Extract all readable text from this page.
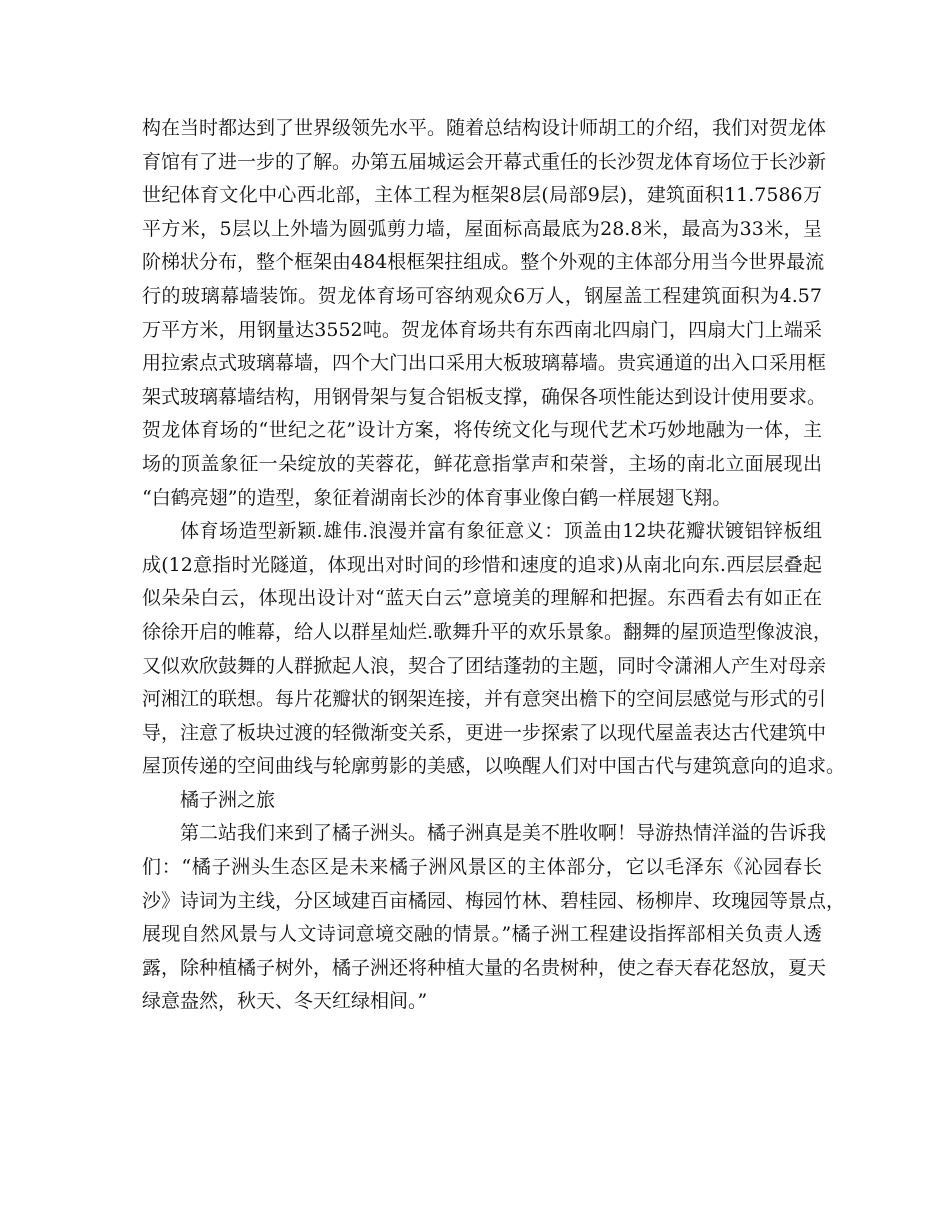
构在当时都达到了世界级领先水平。随着总结构设计师胡工的介绍，我们对贺龙体
育馆有了进一步的了解。办第五届城运会开幕式重任的长沙贺龙体育场位于长沙新
世纪体育文化中心西北部，主体工程为框架8层(局部9层)，建筑面积11.7586万
平方米，5层以上外墙为圆弧剪力墙，屋面标高最底为28.8米，最高为33米，呈
阶梯状分布，整个框架由484根框架拄组成。整个外观的主体部分用当今世界最流
行的玻璃幕墙装饰。贺龙体育场可容纳观众6万人，钢屋盖工程建筑面积为4.57
万平方米，用钢量达3552吨。贺龙体育场共有东西南北四扇门，四扇大门上端采
用拉索点式玻璃幕墙，四个大门出口采用大板玻璃幕墙。贵宾通道的出入口采用框
架式玻璃幕墙结构，用钢骨架与复合铝板支撑，确保各项性能达到设计使用要求。
贺龙体育场的“世纪之花”设计方案，将传统文化与现代艺术巧妙地融为一体，主
场的顶盖象征一朵绽放的芙蓉花，鲜花意指掌声和荣誉，主场的南北立面展现出
“白鹤亮翅”的造型，象征着湖南长沙的体育事业像白鹤一样展翅飞翔。
体育场造型新颖.雄伟.浪漫并富有象征意义：顶盖由12块花瓣状镀铝锌板组
成(12意指时光隧道，体现出对时间的珍惜和速度的追求)从南北向东.西层层叠起
似朵朵白云，体现出设计对“蓝天白云”意境美的理解和把握。东西看去有如正在
徐徐开启的帷幕，给人以群星灿烂.歌舞升平的欢乐景象。翻舞的屋顶造型像波浪，
又似欢欣鼓舞的人群掀起人浪，契合了团结蓬勃的主题，同时令潇湘人产生对母亲
河湘江的联想。每片花瓣状的钢架连接，并有意突出檐下的空间层感觉与形式的引
导，注意了板块过渡的轻微渐变关系，更进一步探索了以现代屋盖表达古代建筑中
屋顶传递的空间曲线与轮廓剪影的美感，以唤醒人们对中国古代与建筑意向的追求。
橘子洲之旅
第二站我们来到了橘子洲头。橘子洲真是美不胜收啊！导游热情洋溢的告诉我
们：“橘子洲头生态区是未来橘子洲风景区的主体部分，它以毛泽东《沁园春长
沙》诗词为主线，分区域建百亩橘园、梅园竹林、碧桂园、杨柳岸、玫瑰园等景点，
展现自然风景与人文诗词意境交融的情景。”橘子洲工程建设指挥部相关负责人透
露，除种植橘子树外，橘子洲还将种植大量的名贵树种，使之春天春花怒放，夏天
绿意盎然，秋天、冬天红绿相间。”
